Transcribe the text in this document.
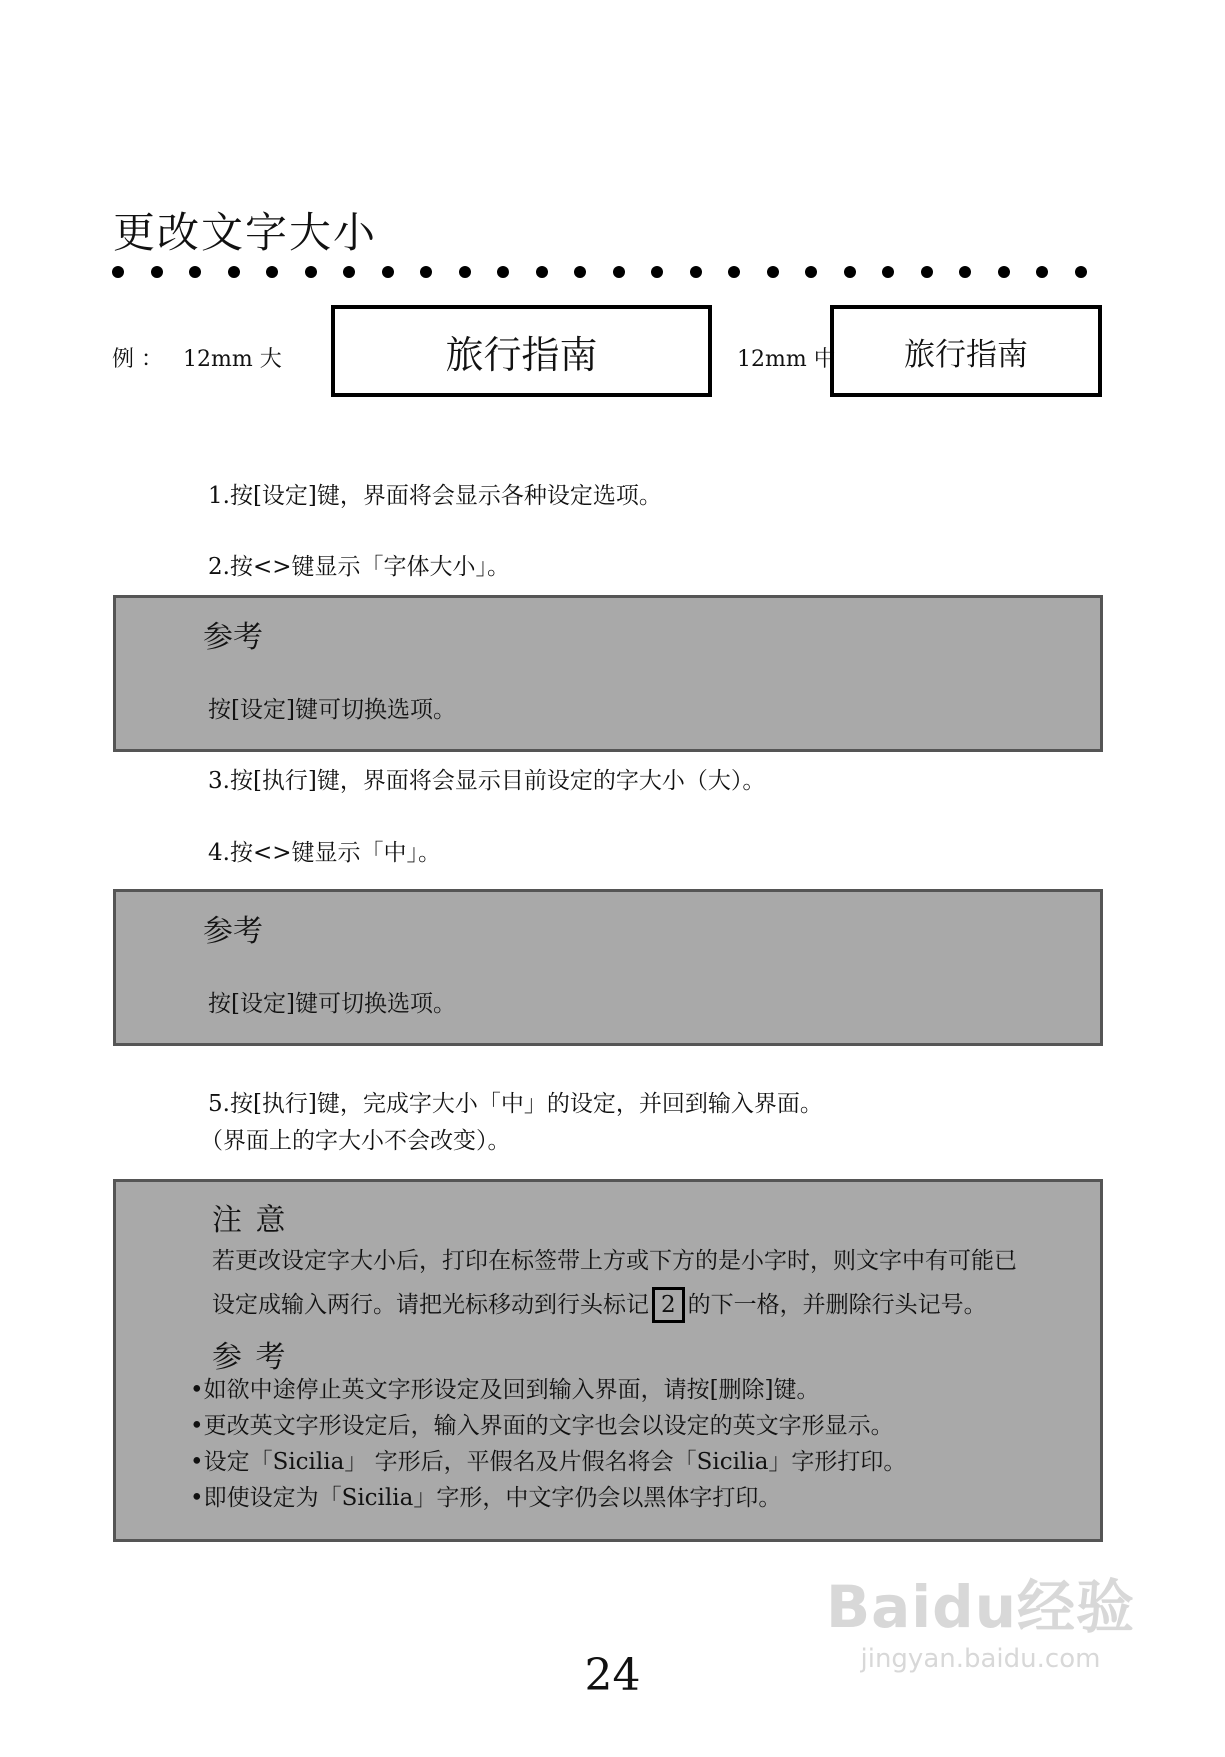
更改文字大小
例 ： 12mm 大	旅行指南	12mm 中 旅行指南
1.按[设定]键，界面将会显示各种设定选项。
2.按<>键显示「字体大小」。
参考
按[设定]键可切换选项。
3.按[执行]键，界面将会显示目前设定的字大小（大）。
4.按<>键显示「中」。
参考
按[设定]键可切换选项。
5.按[执行]键，完成字大小「中」的设定，并回到输入界面。
（界面上的字大小不会改变）。
注 意
若更改设定字大小后，打印在标签带上方或下方的是小字时，则文字中有可能已
设定成输入两行。请把光标移动到行头标记 2 的下一格，并删除行头记号。
参 考
•如欲中途停止英文字形设定及回到输入界面，请按[删除]键。
•更改英文字形设定后，输入界面的文字也会以设定的英文字形显示。
•设定「Sicilia」 字形后，平假名及片假名将会「Sicilia」字形打印。
•即使设定为「Sicilia」字形，中文字仍会以黑体字打印。
Baidu经验
jingyan.baidu.com
24
